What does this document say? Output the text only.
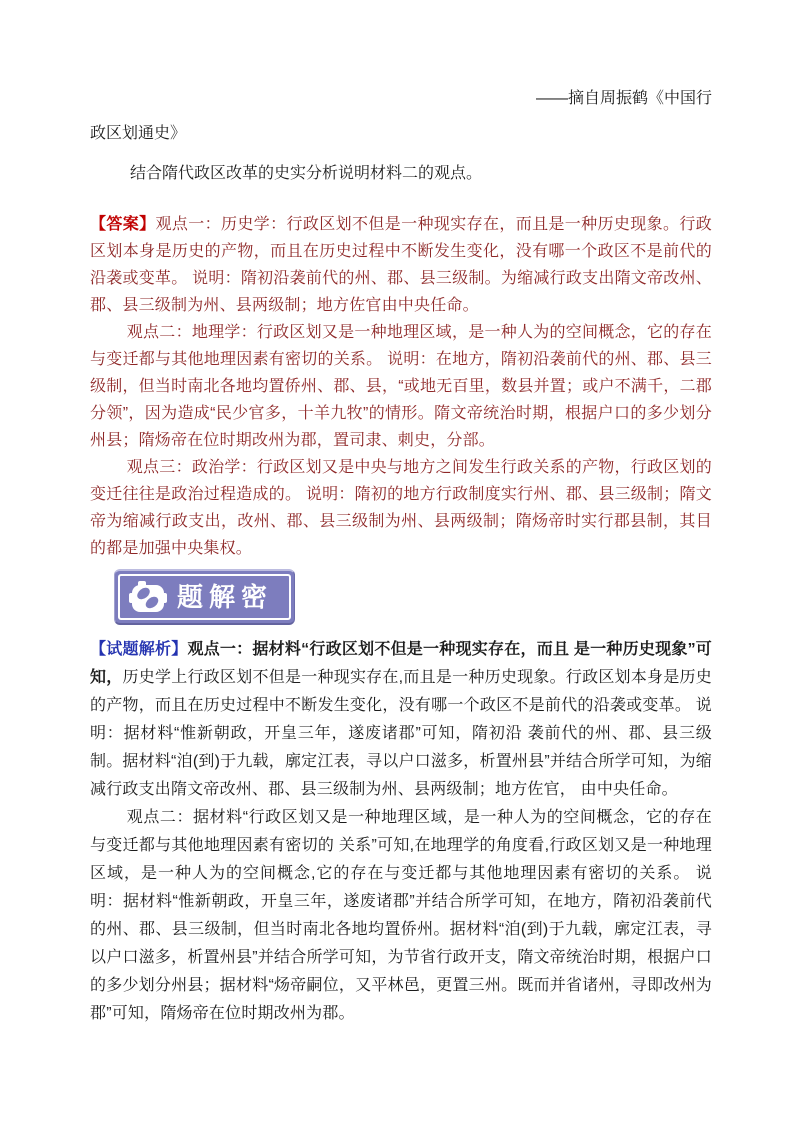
——摘自周振鹤《中国行
政区划通史》

结合隋代政区改革的史实分析说明材料二的观点。

【答案】观点一：历史学：行政区划不但是一种现实存在，而且是一种历史现象。行政区划本身是历史的产物，而且在历史过程中不断发生变化，没有哪一个政区不是前代的沿袭或变革。 说明：隋初沿袭前代的州、郡、县三级制。为缩减行政支出隋文帝改州、郡、县三级制为州、县两级制；地方佐官由中央任命。

观点二：地理学：行政区划又是一种地理区域，是一种人为的空间概念，它的存在与变迁都与其他地理因素有密切的关系。 说明：在地方，隋初沿袭前代的州、郡、县三级制，但当时南北各地均置侨州、郡、县，“或地无百里，数县并置；或户不满千，二郡分领”，因为造成“民少官多，十羊九牧”的情形。隋文帝统治时期，根据户口的多少划分州县；隋炀帝在位时期改州为郡，置司隶、刺史，分部。

观点三：政治学：行政区划又是中央与地方之间发生行政关系的产物，行政区划的变迁往往是政治过程造成的。 说明：隋初的地方行政制度实行州、郡、县三级制；隋文帝为缩减行政支出，改州、郡、县三级制为州、县两级制；隋炀帝时实行郡县制，其目的都是加强中央集权。

题解密

【试题解析】观点一：据材料“行政区划不但是一种现实存在，而且 是一种历史现象”可知，历史学上行政区划不但是一种现实存在,而且是一种历史现象。行政区划本身是历史的产物，而且在历史过程中不断发生变化，没有哪一个政区不是前代的沿袭或变革。 说明：据材料“惟新朝政，开皇三年，遂废诸郡”可知，隋初沿 袭前代的州、郡、县三级制。据材料“洎(到)于九载，廓定江表，寻以户口滋多，析置州县”并结合所学可知，为缩减行政支出隋文帝改州、郡、县三级制为州、县两级制；地方佐官， 由中央任命。

观点二：据材料“行政区划又是一种地理区域，是一种人为的空间概念，它的存在与变迁都与其他地理因素有密切的 关系”可知,在地理学的角度看,行政区划又是一种地理区域，是一种人为的空间概念,它的存在与变迁都与其他地理因素有密切的关系。 说明：据材料“惟新朝政，开皇三年，遂废诸郡”并结合所学可知，在地方，隋初沿袭前代的州、郡、县三级制，但当时南北各地均置侨州。据材料“洎(到)于九载，廓定江表，寻以户口滋多，析置州县”并结合所学可知，为节省行政开支，隋文帝统治时期，根据户口的多少划分州县；据材料“炀帝嗣位，又平林邑，更置三州。既而并省诸州，寻即改州为郡”可知，隋炀帝在位时期改州为郡。
